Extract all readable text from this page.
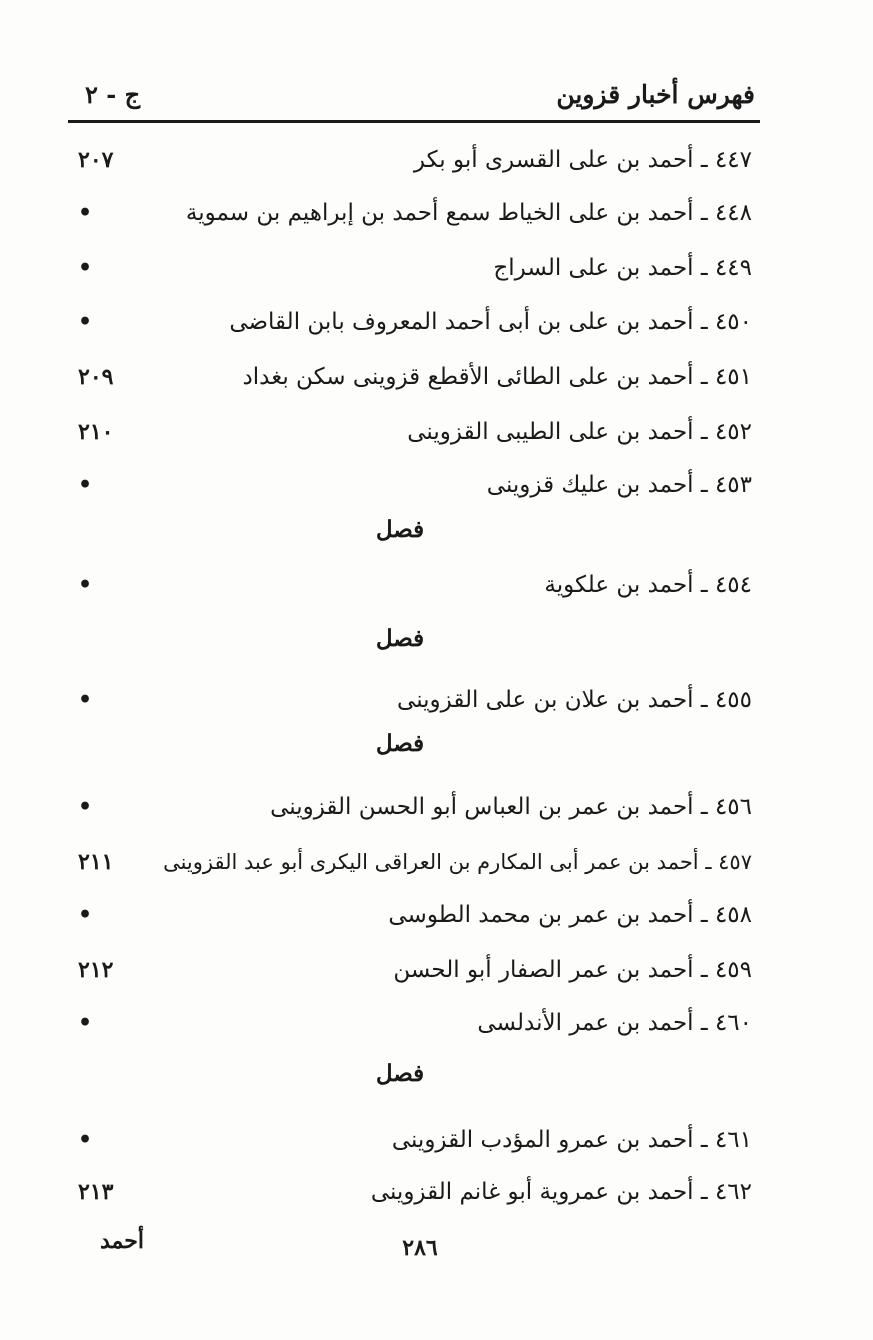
فهرس أخبار قزوين
ج - ٢
٤٤٧ ـ أحمد بن على القسرى أبو بكر
٢٠٧
٤٤٨ ـ أحمد بن على الخياط سمع أحمد بن إبراهيم بن سموية
•
٤٤٩ ـ أحمد بن على السراج
•
٤٥٠ ـ أحمد بن على بن أبى أحمد المعروف بابن القاضى
•
٤٥١ ـ أحمد بن على الطائى الأقطع قزوينى سكن بغداد
٢٠٩
٤٥٢ ـ أحمد بن على الطيبى القزوينى
٢١٠
٤٥٣ ـ أحمد بن عليك قزوينى
•
فصل
٤٥٤ ـ أحمد بن علكوية
•
فصل
٤٥٥ ـ أحمد بن علان بن على القزوينى
•
فصل
٤٥٦ ـ أحمد بن عمر بن العباس أبو الحسن القزوينى
•
٤٥٧ ـ أحمد بن عمر أبى المكارم بن العراقى اليكرى أبو عبد القزوينى
٢١١
٤٥٨ ـ أحمد بن عمر بن محمد الطوسى
•
٤٥٩ ـ أحمد بن عمر الصفار أبو الحسن
٢١٢
٤٦٠ ـ أحمد بن عمر الأندلسى
•
فصل
٤٦١ ـ أحمد بن عمرو المؤدب القزوينى
•
٤٦٢ ـ أحمد بن عمروية أبو غانم القزوينى
٢١٣
٢٨٦
أحمد
